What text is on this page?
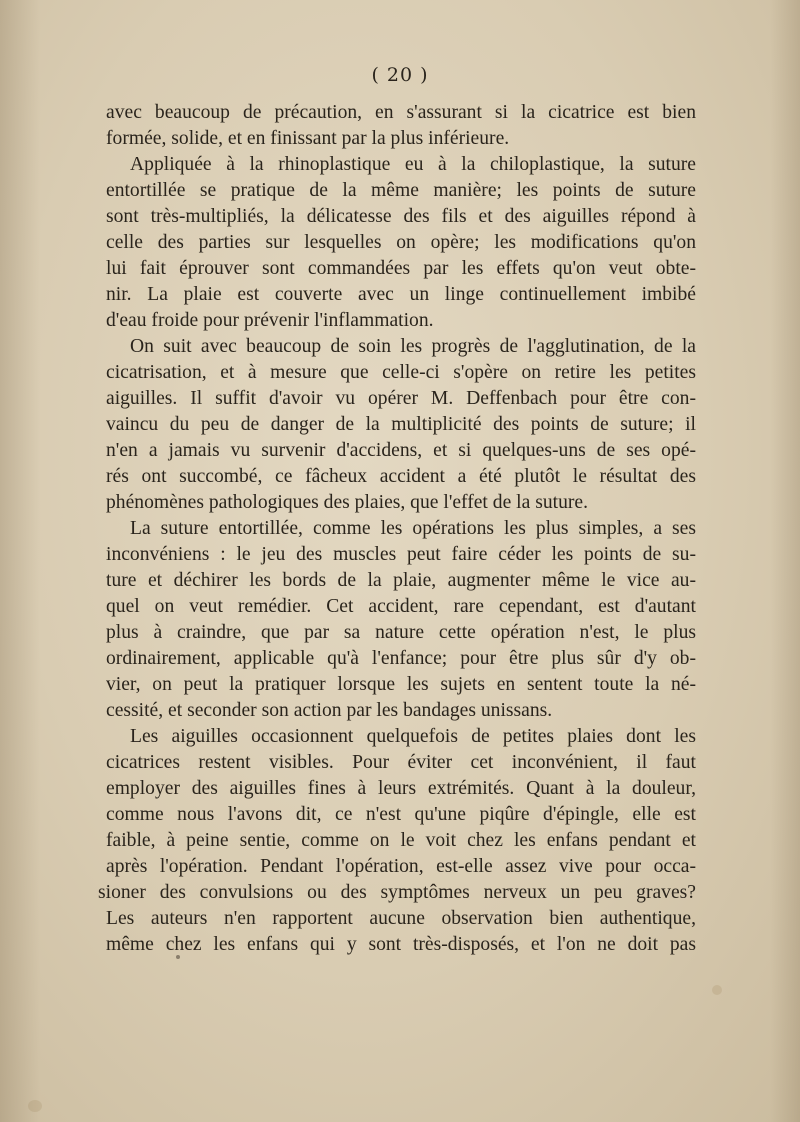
( 20 )
avec beaucoup de précaution, en s'assurant si la cicatrice est bien
formée, solide, et en finissant par la plus inférieure.
Appliquée à la rhinoplastique eu à la chiloplastique, la suture
entortillée se pratique de la même manière; les points de suture
sont très-multipliés, la délicatesse des fils et des aiguilles répond à
celle des parties sur lesquelles on opère; les modifications qu'on
lui fait éprouver sont commandées par les effets qu'on veut obte-
nir. La plaie est couverte avec un linge continuellement imbibé
d'eau froide pour prévenir l'inflammation.
On suit avec beaucoup de soin les progrès de l'agglutination, de la
cicatrisation, et à mesure que celle-ci s'opère on retire les petites
aiguilles. Il suffit d'avoir vu opérer M. Deffenbach pour être con-
vaincu du peu de danger de la multiplicité des points de suture; il
n'en a jamais vu survenir d'accidens, et si quelques-uns de ses opé-
rés ont succombé, ce fâcheux accident a été plutôt le résultat des
phénomènes pathologiques des plaies, que l'effet de la suture.
La suture entortillée, comme les opérations les plus simples, a ses
inconvéniens : le jeu des muscles peut faire céder les points de su-
ture et déchirer les bords de la plaie, augmenter même le vice au-
quel on veut remédier. Cet accident, rare cependant, est d'autant
plus à craindre, que par sa nature cette opération n'est, le plus
ordinairement, applicable qu'à l'enfance; pour être plus sûr d'y ob-
vier, on peut la pratiquer lorsque les sujets en sentent toute la né-
cessité, et seconder son action par les bandages unissans.
Les aiguilles occasionnent quelquefois de petites plaies dont les
cicatrices restent visibles. Pour éviter cet inconvénient, il faut
employer des aiguilles fines à leurs extrémités. Quant à la douleur,
comme nous l'avons dit, ce n'est qu'une piqûre d'épingle, elle est
faible, à peine sentie, comme on le voit chez les enfans pendant et
après l'opération. Pendant l'opération, est-elle assez vive pour occa-
sioner des convulsions ou des symptômes nerveux un peu graves?
Les auteurs n'en rapportent aucune observation bien authentique,
même chez les enfans qui y sont très-disposés, et l'on ne doit pas
